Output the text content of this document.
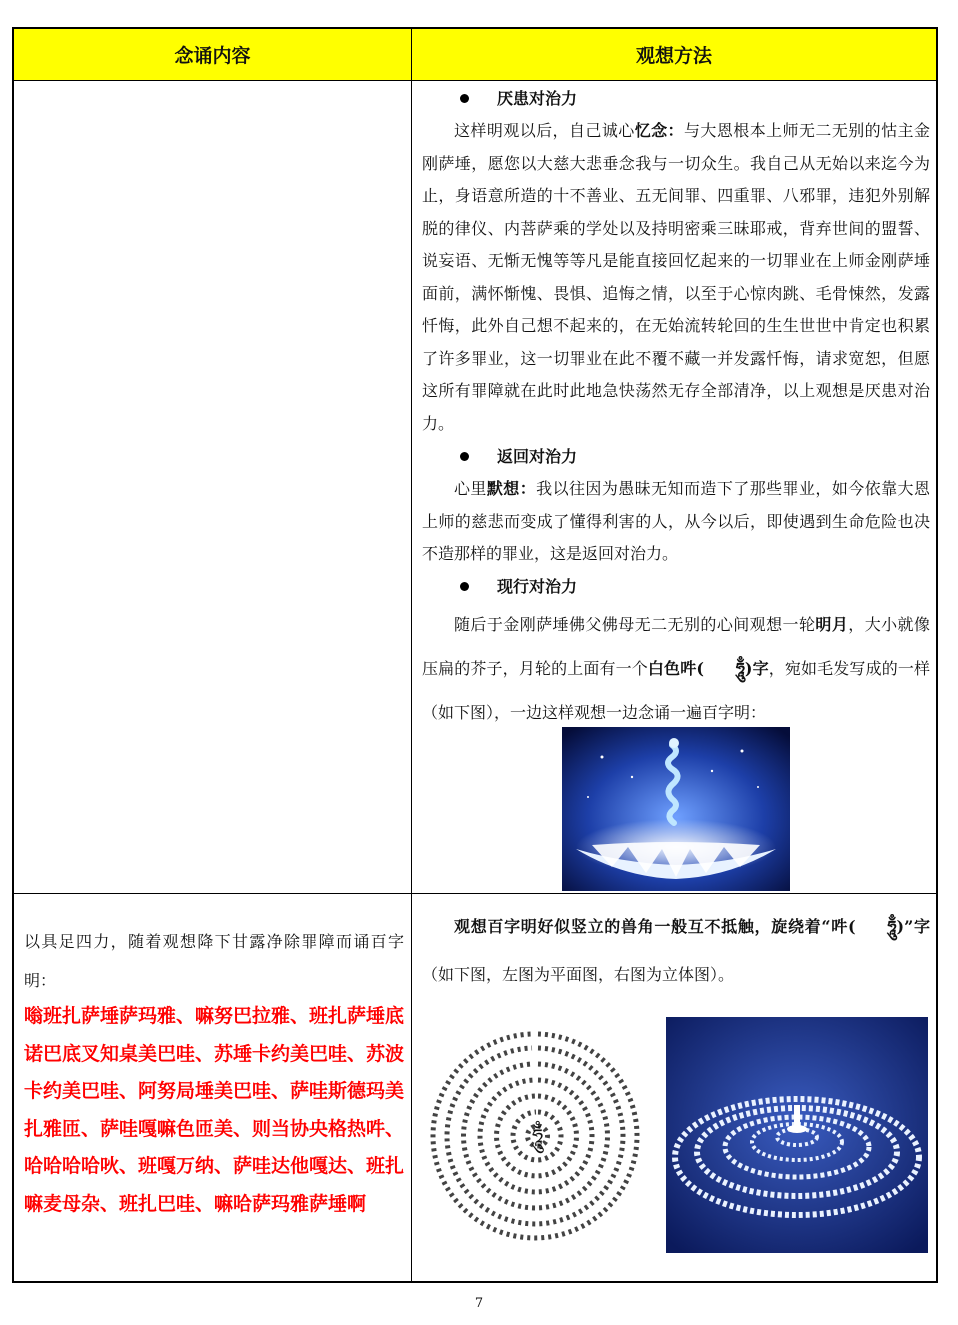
念诵内容	观想方法
厌患对治力
这样明观以后，自己诚心忆念：与大恩根本上师无二无别的怙主金刚萨埵，愿您以大慈大悲垂念我与一切众生。我自己从无始以来迄今为止，身语意所造的十不善业、五无间罪、四重罪、八邪罪，违犯外别解脱的律仪、内菩萨乘的学处以及持明密乘三昧耶戒，背弃世间的盟誓、说妄语、无惭无愧等等凡是能直接回忆起来的一切罪业在上师金刚萨埵面前，满怀惭愧、畏惧、追悔之情，以至于心惊肉跳、毛骨悚然，发露忏悔，此外自己想不起来的，在无始流转轮回的生生世世中肯定也积累了许多罪业，这一切罪业在此不覆不藏一并发露忏悔，请求宽恕，但愿这所有罪障就在此时此地急快荡然无存全部清净，以上观想是厌患对治力。
返回对治力
心里默想：我以往因为愚昧无知而造下了那些罪业，如今依靠大恩上师的慈悲而变成了懂得利害的人，从今以后，即使遇到生命危险也决不造那样的罪业，这是返回对治力。
现行对治力
随后于金刚萨埵佛父佛母无二无别的心间观想一轮明月，大小就像压扁的芥子，月轮的上面有一个白色吽( ཧཱུྃ)字，宛如毛发写成的一样（如下图），一边这样观想一边念诵一遍百字明：
以具足四力，随着观想降下甘露净除罪障而诵百字明：
嗡班扎萨埵萨玛雅、嘛努巴拉雅、班扎萨埵底诺巴底叉知桌美巴哇、苏埵卡约美巴哇、苏波卡约美巴哇、阿努局埵美巴哇、萨哇斯德玛美扎雅匝、萨哇嘎嘛色匝美、则当协央格热吽、哈哈哈哈吙、班嘎万纳、萨哇达他嘎达、班扎嘛麦母杂、班扎巴哇、嘛哈萨玛雅萨埵啊
观想百字明好似竖立的兽角一般互不抵触，旋绕着“吽( ཧཱུྃ)”字（如下图，左图为平面图，右图为立体图）。
ཧཱུྃ
7
